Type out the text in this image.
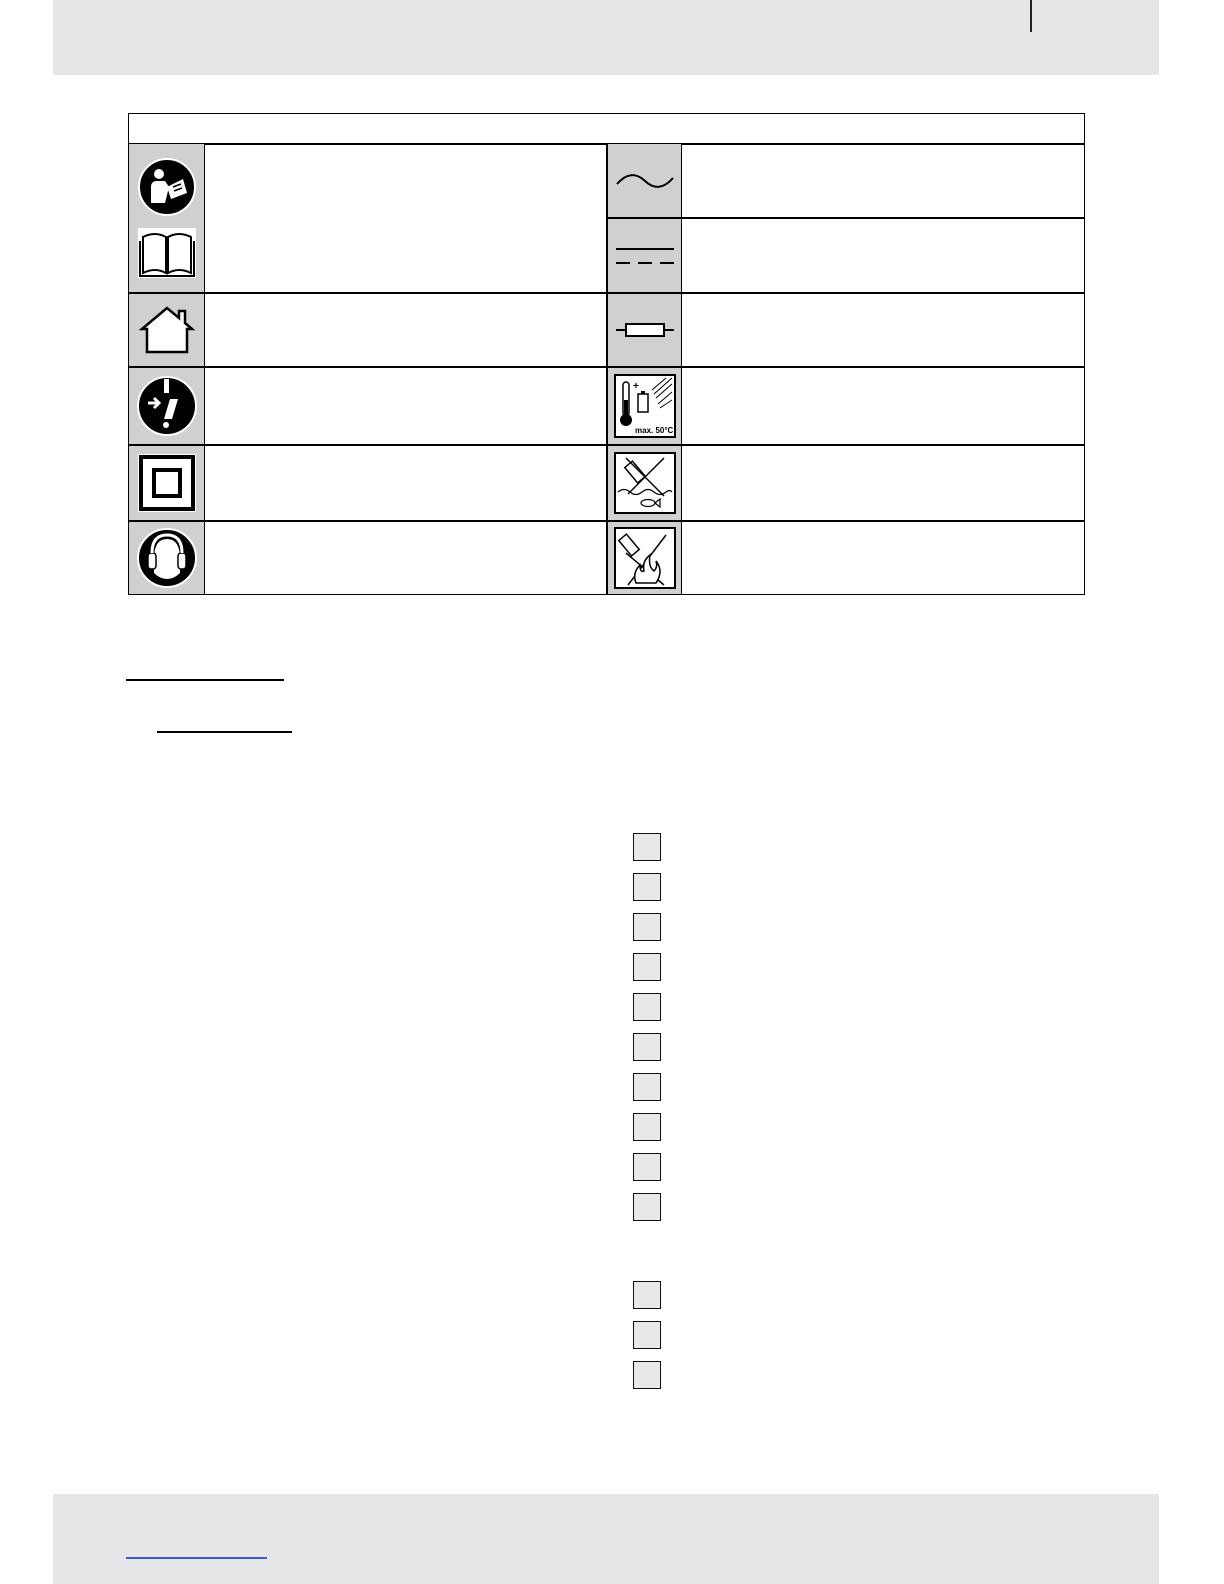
+
max. 50°C
